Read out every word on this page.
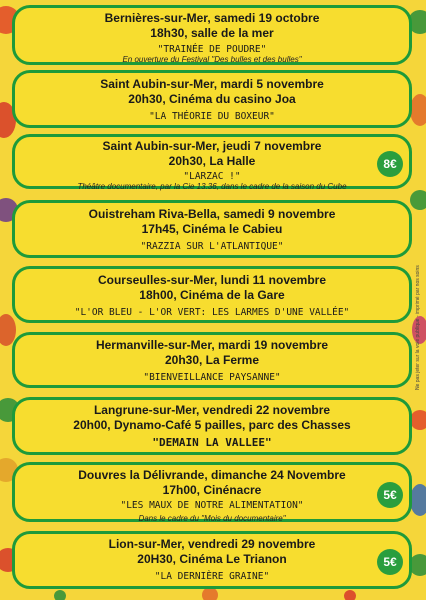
Ne pas jeter sur la voie publique - imprimé par nos soins
Bernières-sur-Mer, samedi 19 octobre
18h30, salle de la mer
"TRAINÉE DE POUDRE"
En ouverture du Festival "Des bulles et des bulles"
Saint Aubin-sur-Mer, mardi 5 novembre
20h30, Cinéma du casino Joa
"LA THÉORIE DU BOXEUR"
Saint Aubin-sur-Mer, jeudi 7 novembre
20h30, La Halle
"LARZAC !"
8€
Théâtre documentaire, par la Cie 13.36, dans le cadre de la saison du Cube
Ouistreham Riva-Bella, samedi 9 novembre
17h45, Cinéma le Cabieu
"RAZZIA SUR L'ATLANTIQUE"
Courseulles-sur-Mer, lundi 11 novembre
18h00, Cinéma de la Gare
"L'OR BLEU - L'OR VERT: LES LARMES D'UNE VALLÉE"
Hermanville-sur-Mer, mardi 19 novembre
20h30, La Ferme
"BIENVEILLANCE PAYSANNE"
Langrune-sur-Mer, vendredi 22 novembre
20h00, Dynamo-Café 5 pailles, parc des Chasses
"DEMAIN LA VALLEE"
Douvres la Délivrande, dimanche 24 Novembre
17h00, Cinénacre
"LES MAUX DE NOTRE ALIMENTATION"
Dans le cadre du "Mois du documentaire"
5€
Lion-sur-Mer, vendredi 29 novembre
20H30, Cinéma Le Trianon
"LA DERNIÈRE GRAINE"
5€
